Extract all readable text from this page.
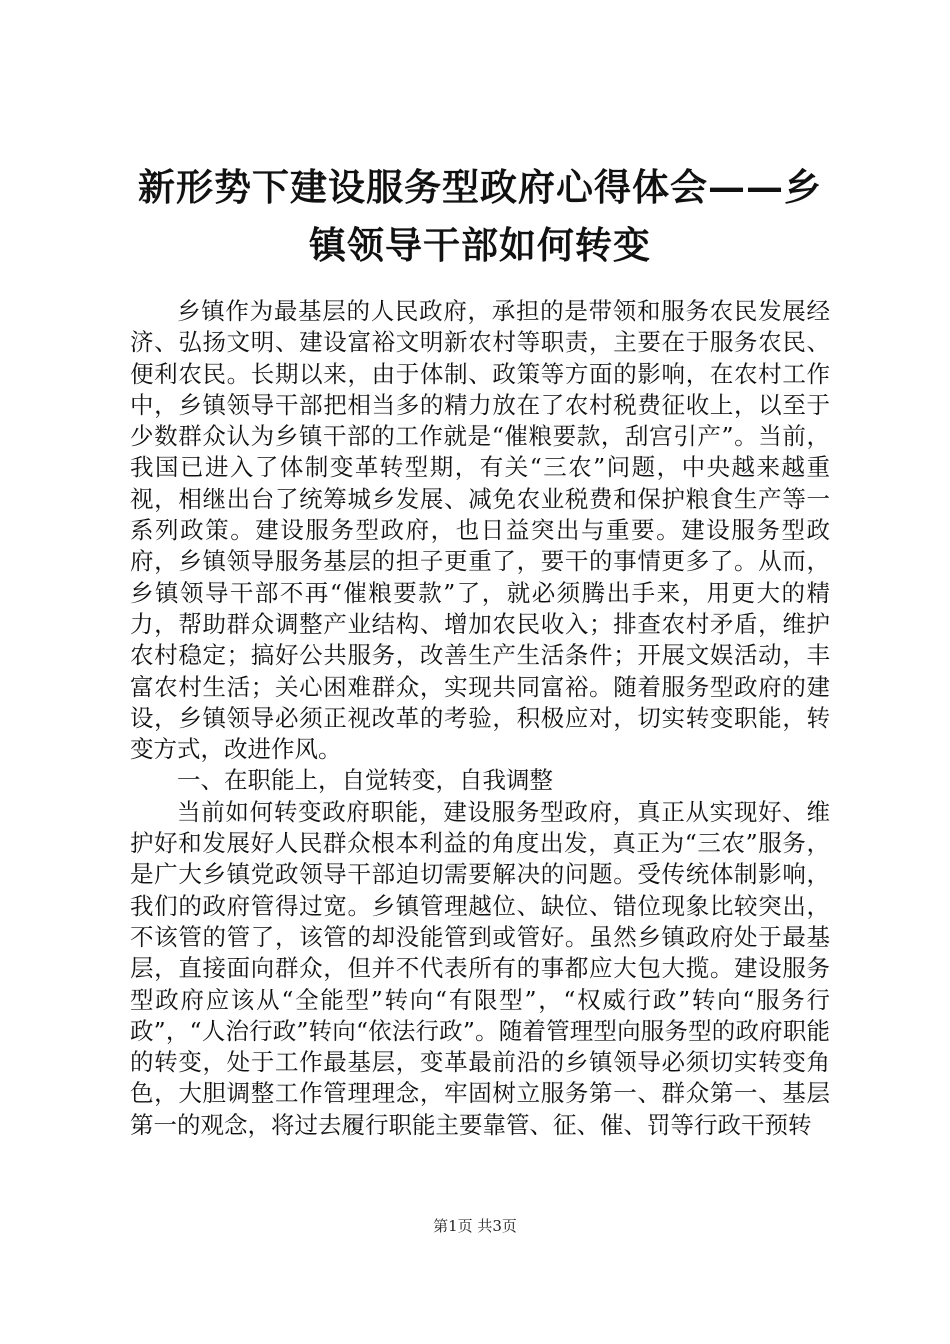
新形势下建设服务型政府心得体会——乡镇领导干部如何转变

乡镇作为最基层的人民政府，承担的是带领和服务农民发展经济、弘扬文明、建设富裕文明新农村等职责，主要在于服务农民、便利农民。长期以来，由于体制、政策等方面的影响，在农村工作中，乡镇领导干部把相当多的精力放在了农村税费征收上，以至于少数群众认为乡镇干部的工作就是“催粮要款，刮宫引产”。当前，我国已进入了体制变革转型期，有关“三农”问题，中央越来越重视，相继出台了统筹城乡发展、减免农业税费和保护粮食生产等一系列政策。建设服务型政府，也日益突出与重要。建设服务型政府，乡镇领导服务基层的担子更重了，要干的事情更多了。从而，乡镇领导干部不再“催粮要款”了，就必须腾出手来，用更大的精力，帮助群众调整产业结构、增加农民收入；排查农村矛盾，维护农村稳定；搞好公共服务，改善生产生活条件；开展文娱活动，丰富农村生活；关心困难群众，实现共同富裕。随着服务型政府的建设，乡镇领导必须正视改革的考验，积极应对，切实转变职能，转变方式，改进作风。

一、在职能上，自觉转变，自我调整

当前如何转变政府职能，建设服务型政府，真正从实现好、维护好和发展好人民群众根本利益的角度出发，真正为“三农”服务，是广大乡镇党政领导干部迫切需要解决的问题。受传统体制影响，我们的政府管得过宽。乡镇管理越位、缺位、错位现象比较突出，不该管的管了，该管的却没能管到或管好。虽然乡镇政府处于最基层，直接面向群众，但并不代表所有的事都应大包大揽。建设服务型政府应该从“全能型”转向“有限型”，“权威行政”转向“服务行政”，“人治行政”转向“依法行政”。随着管理型向服务型的政府职能的转变，处于工作最基层，变革最前沿的乡镇领导必须切实转变角色，大胆调整工作管理理念，牢固树立服务第一、群众第一、基层第一的观念，将过去履行职能主要靠管、征、催、罚等行政干预转

第1页 共3页
